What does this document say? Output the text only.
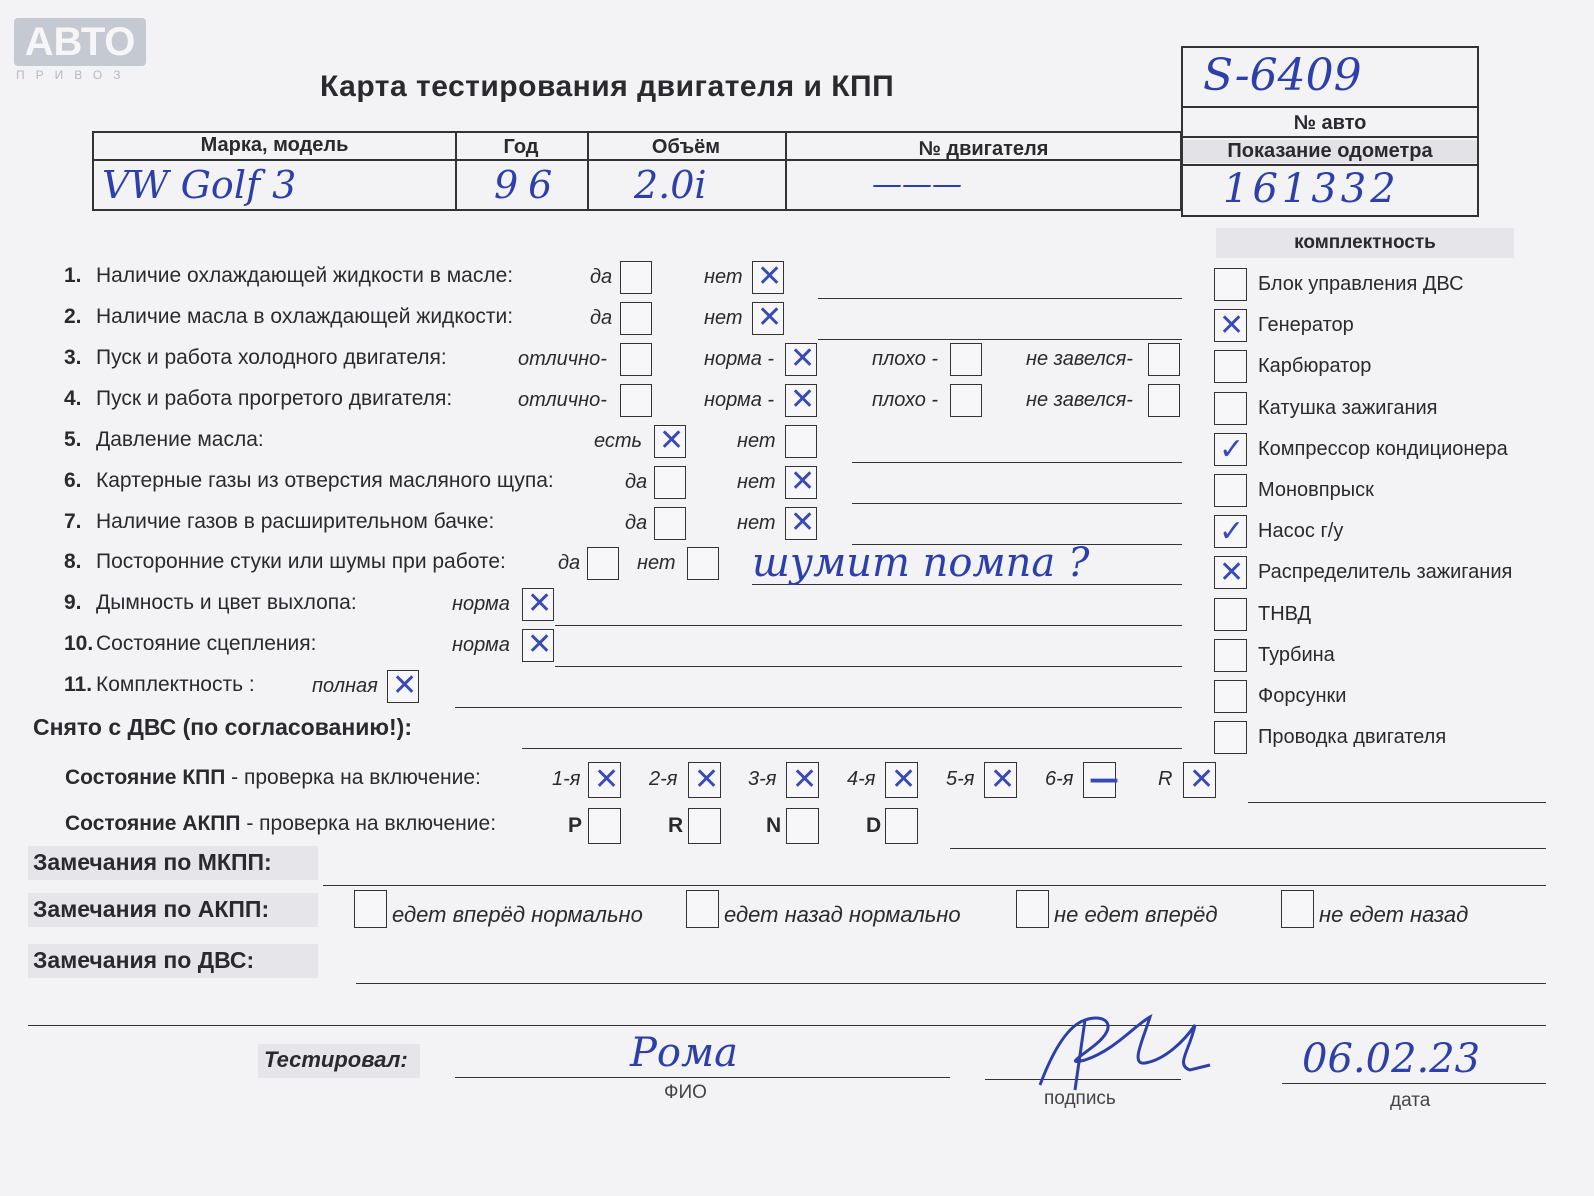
АВТО
ПРИВОЗ	Карта тестирования двигателя и КПП	S-6409
Марка, модель	Год	Объём	№ двигателя
VW Golf 3	96 2.0i	———
№ авто
Показание одометра
161332
1. Наличие охлаждающей жидкости в масле:	да	нет ✕
2. Наличие масла в охлаждающей жидкости:	да	нет ✕
3. Пуск и работа холодного двигателя:	отлично-	норма - ✕	плохо -	не завелся-
4. Пуск и работа прогретого двигателя:	отлично-	норма - ✕	плохо -	не завелся-
5. Давление масла:	есть ✕	нет
6. Картерные газы из отверстия масляного щупа:	да	нет ✕
7. Наличие газов в расширительном бачке:	да	нет ✕
8. Посторонние стуки или шумы при работе:	да	нет
9. Дымность и цвет выхлопа:	норма ✕
10. Состояние сцепления:	норма ✕
11. Комплектность :	полная ✕
шумит помпа ?
Снято с ДВС (по согласованию!):
Состояние КПП - проверка на включение:	1-я ✕ 2-я ✕ 3-я ✕ 4-я ✕ 5-я ✕ 6-я — R ✕
Состояние АКПП - проверка на включение:	P	R	N	D
Замечания по МКПП:
Замечания по АКПП:	едет вперёд нормально	едет назад нормально	не едет вперёд	не едет назад
Замечания по ДВС:
комплектность
Блок управления ДВС
✕ Генератор
Карбюратор
Катушка зажигания
✓ Компрессор кондиционера
Моновпрыск
✓ Насос г/у
✕ Распределитель зажигания
ТНВД
Турбина
Форсунки
Проводка двигателя
Тестировал:	Рома
ФИО	подпись
06.02.23
дата
